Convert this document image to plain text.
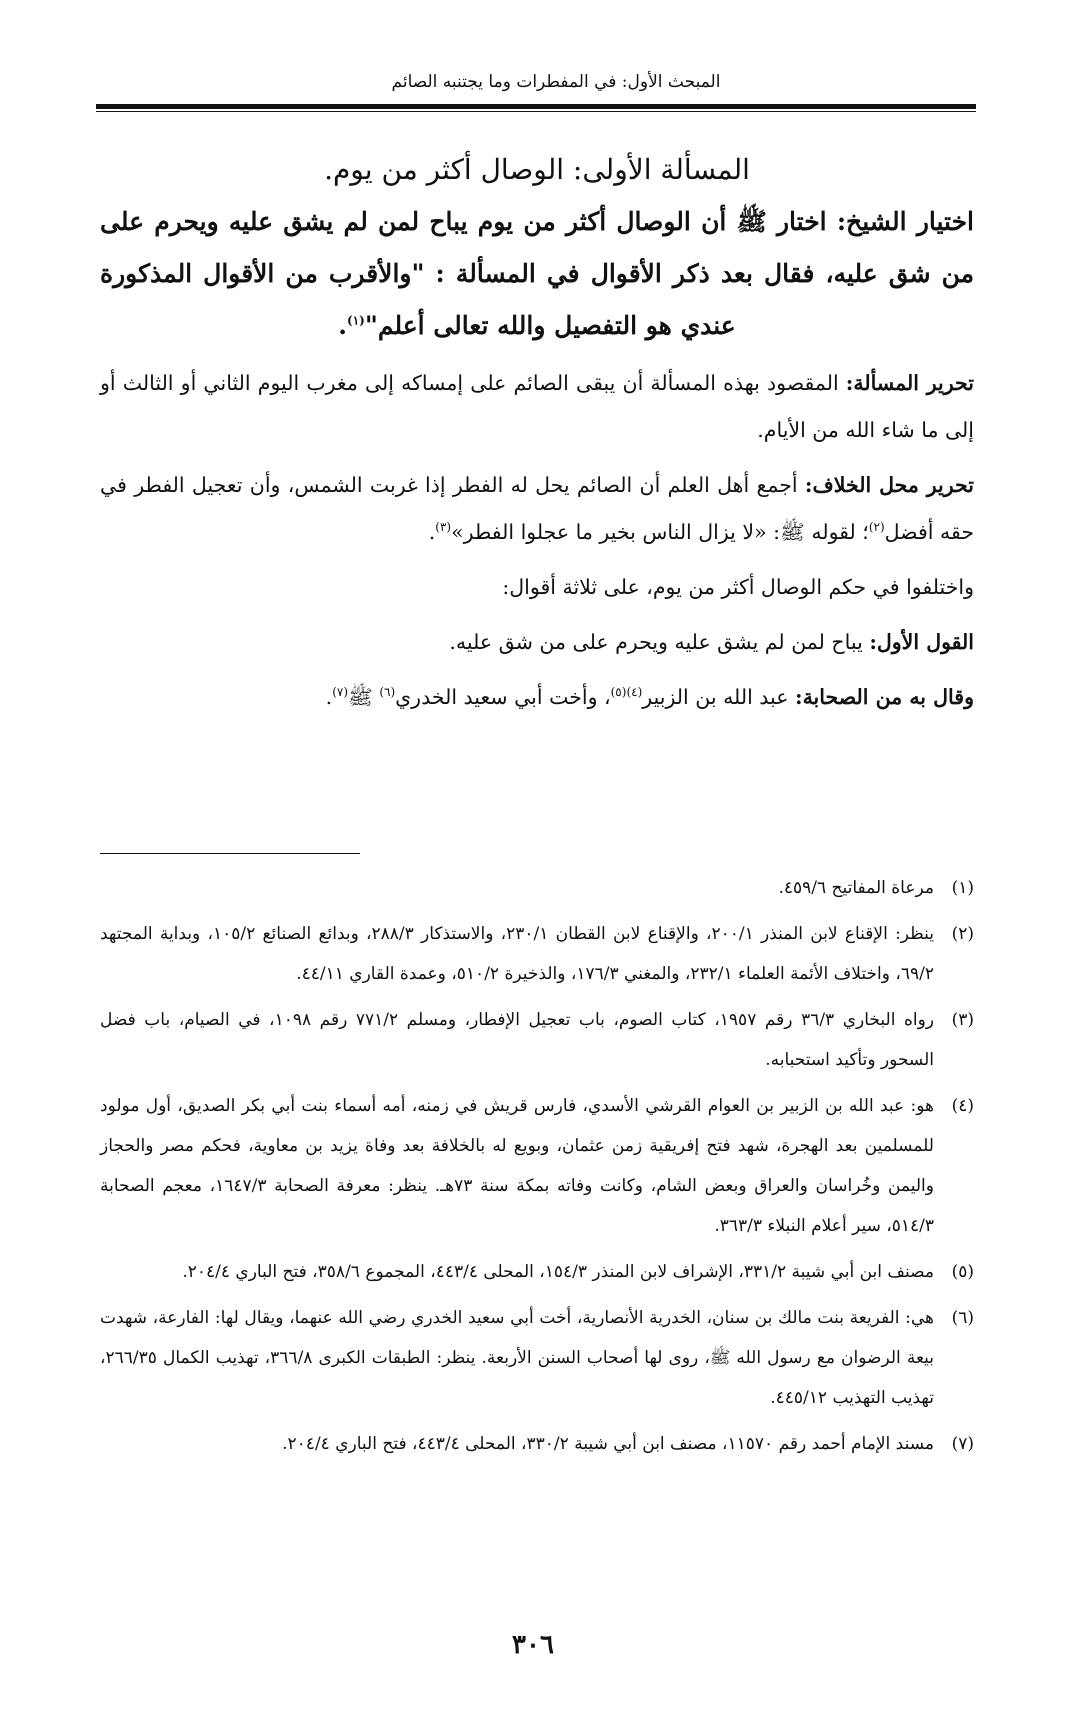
المبحث الأول: في المفطرات وما يجتنبه الصائم
المسألة الأولى: الوصال أكثر من يوم.

اختيار الشيخ: اختار ﷺ أن الوصال أكثر من يوم يباح لمن لم يشق عليه ويحرم على من شق عليه، فقال بعد ذكر الأقوال في المسألة : "والأقرب من الأقوال المذكورة عندي هو التفصيل والله تعالى أعلم"$^{(١)}$.

تحرير المسألة: المقصود بهذه المسألة أن يبقى الصائم على إمساكه إلى مغرب اليوم الثاني أو الثالث أو إلى ما شاء الله من الأيام.

تحرير محل الخلاف: أجمع أهل العلم أن الصائم يحل له الفطر إذا غربت الشمس، وأن تعجيل الفطر في حقه أفضل$^{(٢)}$؛ لقوله ﷺ: «لا يزال الناس بخير ما عجلوا الفطر»$^{(٣)}$.

واختلفوا في حكم الوصال أكثر من يوم، على ثلاثة أقوال:

القول الأول: يباح لمن لم يشق عليه ويحرم على من شق عليه.

وقال به من الصحابة: عبد الله بن الزبير$^{(٤)(٥)}$، وأخت أبي سعيد الخدري$^{(٦)}$ ﷺ$^{(٧)}$.

(١)مرعاة المفاتيح ٤٥٩/٦.

(٢)ينظر: الإقناع لابن المنذر ٢٠٠/١، والإقناع لابن القطان ٢٣٠/١، والاستذكار ٢٨٨/٣، وبدائع الصنائع ١٠٥/٢، وبداية المجتهد ٦٩/٢، واختلاف الأئمة العلماء ٢٣٢/١، والمغني ١٧٦/٣، والذخيرة ٥١٠/٢، وعمدة القاري ٤٤/١١.

(٣)رواه البخاري ٣٦/٣ رقم ١٩٥٧، كتاب الصوم، باب تعجيل الإفطار، ومسلم ٧٧١/٢ رقم ١٠٩٨، في الصيام، باب فضل السحور وتأكيد استحبابه.

(٤)هو: عبد الله بن الزبير بن العوام القرشي الأسدي، فارس قريش في زمنه، أمه أسماء بنت أبي بكر الصديق، أول مولود للمسلمين بعد الهجرة، شهد فتح إفريقية زمن عثمان، وبويع له بالخلافة بعد وفاة يزيد بن معاوية، فحكم مصر والحجاز واليمن وخُراسان والعراق وبعض الشام، وكانت وفاته بمكة سنة ٧٣هـ. ينظر: معرفة الصحابة ١٦٤٧/٣، معجم الصحابة ٥١٤/٣، سير أعلام النبلاء ٣٦٣/٣.

(٥)مصنف ابن أبي شيبة ٣٣١/٢، الإشراف لابن المنذر ١٥٤/٣، المحلى ٤٤٣/٤، المجموع ٣٥٨/٦، فتح الباري ٢٠٤/٤.

(٦)هي: الفريعة بنت مالك بن سنان، الخدرية الأنصارية، أخت أبي سعيد الخدري رضي الله عنهما، ويقال لها: الفارعة، شهدت بيعة الرضوان مع رسول الله ﷺ، روى لها أصحاب السنن الأربعة. ينظر: الطبقات الكبرى ٣٦٦/٨، تهذيب الكمال ٢٦٦/٣٥، تهذيب التهذيب ٤٤٥/١٢.

(٧)مسند الإمام أحمد رقم ١١٥٧٠، مصنف ابن أبي شيبة ٣٣٠/٢، المحلى ٤٤٣/٤، فتح الباري ٢٠٤/٤.

٣٠٦
